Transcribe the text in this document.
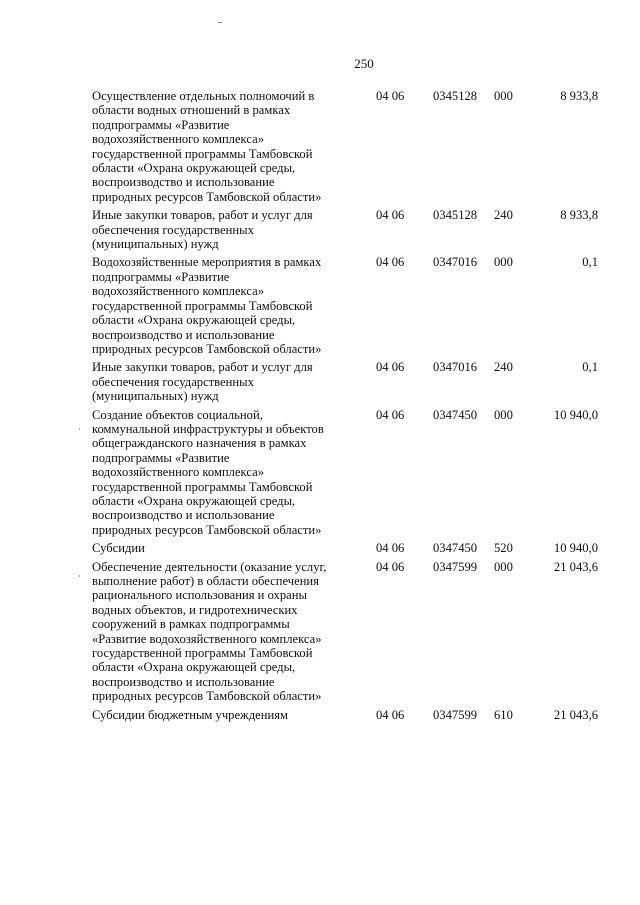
250
Осуществление отдельных полномочий в
области водных отношений в рамках
подпрограммы «Развитие
водохозяйственного комплекса»
государственной программы Тамбовской
области «Охрана окружающей среды,
воспроизводство и использование
природных ресурсов Тамбовской области»
04 06	0345128	000	8 933,8
Иные закупки товаров, работ и услуг для
обеспечения государственных
(муниципальных) нужд
04 06	0345128	240	8 933,8
Водохозяйственные мероприятия в рамках
подпрограммы «Развитие
водохозяйственного комплекса»
государственной программы Тамбовской
области «Охрана окружающей среды,
воспроизводство и использование
природных ресурсов Тамбовской области»
04 06	0347016	000	0,1
Иные закупки товаров, работ и услуг для
обеспечения государственных
(муниципальных) нужд
04 06	0347016	240	0,1
Создание объектов социальной,
коммунальной инфраструктуры и объектов
общегражданского назначения в рамках
подпрограммы «Развитие
водохозяйственного комплекса»
государственной программы Тамбовской
области «Охрана окружающей среды,
воспроизводство и использование
природных ресурсов Тамбовской области»
04 06	0347450	000	10 940,0
Субсидии	04 06	0347450	520	10 940,0
Обеспечение деятельности (оказание услуг,
выполнение работ) в области обеспечения
рационального использования и охраны
водных объектов, и гидротехнических
сооружений в рамках подпрограммы
«Развитие водохозяйственного комплекса»
государственной программы Тамбовской
области «Охрана окружающей среды,
воспроизводство и использование
природных ресурсов Тамбовской области»
04 06	0347599	000	21 043,6
Субсидии бюджетным учреждениям	04 06	0347599	610	21 043,6
